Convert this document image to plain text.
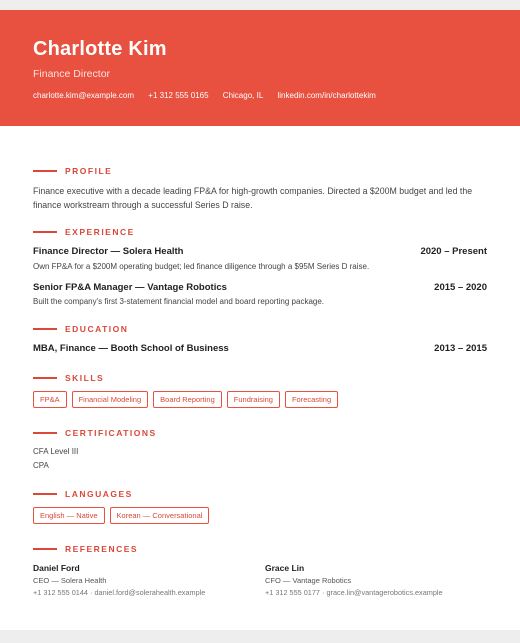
Charlotte Kim
Finance Director
charlotte.kim@example.com +1 312 555 0165 Chicago, IL linkedin.com/in/charlottekim
PROFILE
Finance executive with a decade leading FP&A for high-growth companies. Directed a $200M budget and led the finance workstream through a successful Series D raise.
EXPERIENCE
Finance Director — Solera Health	2020 – Present
Own FP&A for a $200M operating budget; led finance diligence through a $95M Series D raise.
Senior FP&A Manager — Vantage Robotics	2015 – 2020
Built the company's first 3-statement financial model and board reporting package.
EDUCATION
MBA, Finance — Booth School of Business	2013 – 2015
SKILLS
FP&A	Financial Modeling	Board Reporting	Fundraising	Forecasting
CERTIFICATIONS
CFA Level III
CPA
LANGUAGES
English — Native	Korean — Conversational
REFERENCES
Daniel Ford
CEO — Solera Health
+1 312 555 0144 · daniel.ford@solerahealth.example
Grace Lin
CFO — Vantage Robotics
+1 312 555 0177 · grace.lin@vantagerobotics.example
